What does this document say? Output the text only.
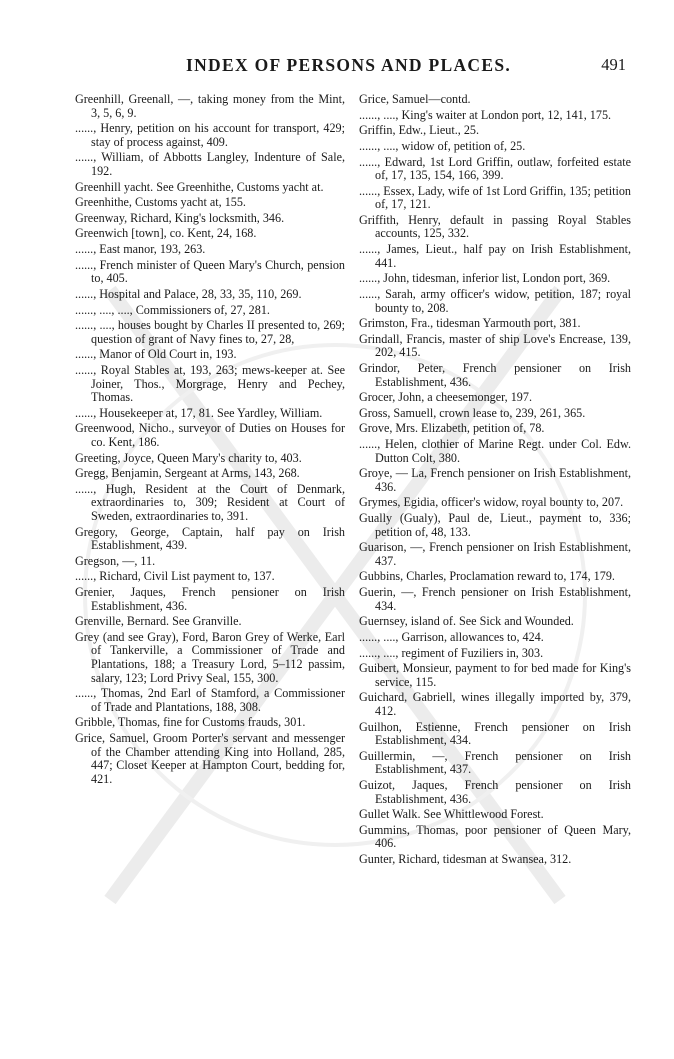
INDEX OF PERSONS AND PLACES.	491

Greenhill, Greenall, —, taking money from the Mint, 3, 5, 6, 9.

......, Henry, petition on his account for transport, 429; stay of process against, 409.

......, William, of Abbotts Langley, Indenture of Sale, 192.

Greenhill yacht. See Greenhithe, Customs yacht at.

Greenhithe, Customs yacht at, 155.

Greenway, Richard, King's locksmith, 346.

Greenwich [town], co. Kent, 24, 168.

......, East manor, 193, 263.

......, French minister of Queen Mary's Church, pension to, 405.

......, Hospital and Palace, 28, 33, 35, 110, 269.

......, ...., ...., Commissioners of, 27, 281.

......, ...., houses bought by Charles II presented to, 269; question of grant of Navy fines to, 27, 28,

......, Manor of Old Court in, 193.

......, Royal Stables at, 193, 263; mews-keeper at. See Joiner, Thos., Morgrage, Henry and Pechey, Thomas.

......, Housekeeper at, 17, 81. See Yardley, William.

Greenwood, Nicho., surveyor of Duties on Houses for co. Kent, 186.

Greeting, Joyce, Queen Mary's charity to, 403.

Gregg, Benjamin, Sergeant at Arms, 143, 268.

......, Hugh, Resident at the Court of Denmark, extraordinaries to, 309; Resident at Court of Sweden, extraordinaries to, 391.

Gregory, George, Captain, half pay on Irish Establishment, 439.

Gregson, —, 11.

......, Richard, Civil List payment to, 137.

Grenier, Jaques, French pensioner on Irish Establishment, 436.

Grenville, Bernard. See Granville.

Grey (and see Gray), Ford, Baron Grey of Werke, Earl of Tankerville, a Commissioner of Trade and Plantations, 188; a Treasury Lord, 5–112 passim, salary, 123; Lord Privy Seal, 155, 300.

......, Thomas, 2nd Earl of Stamford, a Commissioner of Trade and Plantations, 188, 308.

Gribble, Thomas, fine for Customs frauds, 301.

Grice, Samuel, Groom Porter's servant and messenger of the Chamber attending King into Holland, 285, 447; Closet Keeper at Hampton Court, bedding for, 421.

Grice, Samuel—contd.

......, ...., King's waiter at London port, 12, 141, 175.

Griffin, Edw., Lieut., 25.

......, ...., widow of, petition of, 25.

......, Edward, 1st Lord Griffin, outlaw, forfeited estate of, 17, 135, 154, 166, 399.

......, Essex, Lady, wife of 1st Lord Griffin, 135; petition of, 17, 121.

Griffith, Henry, default in passing Royal Stables accounts, 125, 332.

......, James, Lieut., half pay on Irish Establishment, 441.

......, John, tidesman, inferior list, London port, 369.

......, Sarah, army officer's widow, petition, 187; royal bounty to, 208.

Grimston, Fra., tidesman Yarmouth port, 381.

Grindall, Francis, master of ship Love's Encrease, 139, 202, 415.

Grindor, Peter, French pensioner on Irish Establishment, 436.

Grocer, John, a cheesemonger, 197.

Gross, Samuell, crown lease to, 239, 261, 365.

Grove, Mrs. Elizabeth, petition of, 78.

......, Helen, clothier of Marine Regt. under Col. Edw. Dutton Colt, 380.

Groye, — La, French pensioner on Irish Establishment, 436.

Grymes, Egidia, officer's widow, royal bounty to, 207.

Gually (Gualy), Paul de, Lieut., payment to, 336; petition of, 48, 133.

Guarison, —, French pensioner on Irish Establishment, 437.

Gubbins, Charles, Proclamation reward to, 174, 179.

Guerin, —, French pensioner on Irish Establishment, 434.

Guernsey, island of. See Sick and Wounded.

......, ...., Garrison, allowances to, 424.

......, ...., regiment of Fuziliers in, 303.

Guibert, Monsieur, payment to for bed made for King's service, 115.

Guichard, Gabriell, wines illegally imported by, 379, 412.

Guilhon, Estienne, French pensioner on Irish Establishment, 434.

Guillermin, —, French pensioner on Irish Establishment, 437.

Guizot, Jaques, French pensioner on Irish Establishment, 436.

Gullet Walk. See Whittlewood Forest.

Gummins, Thomas, poor pensioner of Queen Mary, 406.

Gunter, Richard, tidesman at Swansea, 312.
